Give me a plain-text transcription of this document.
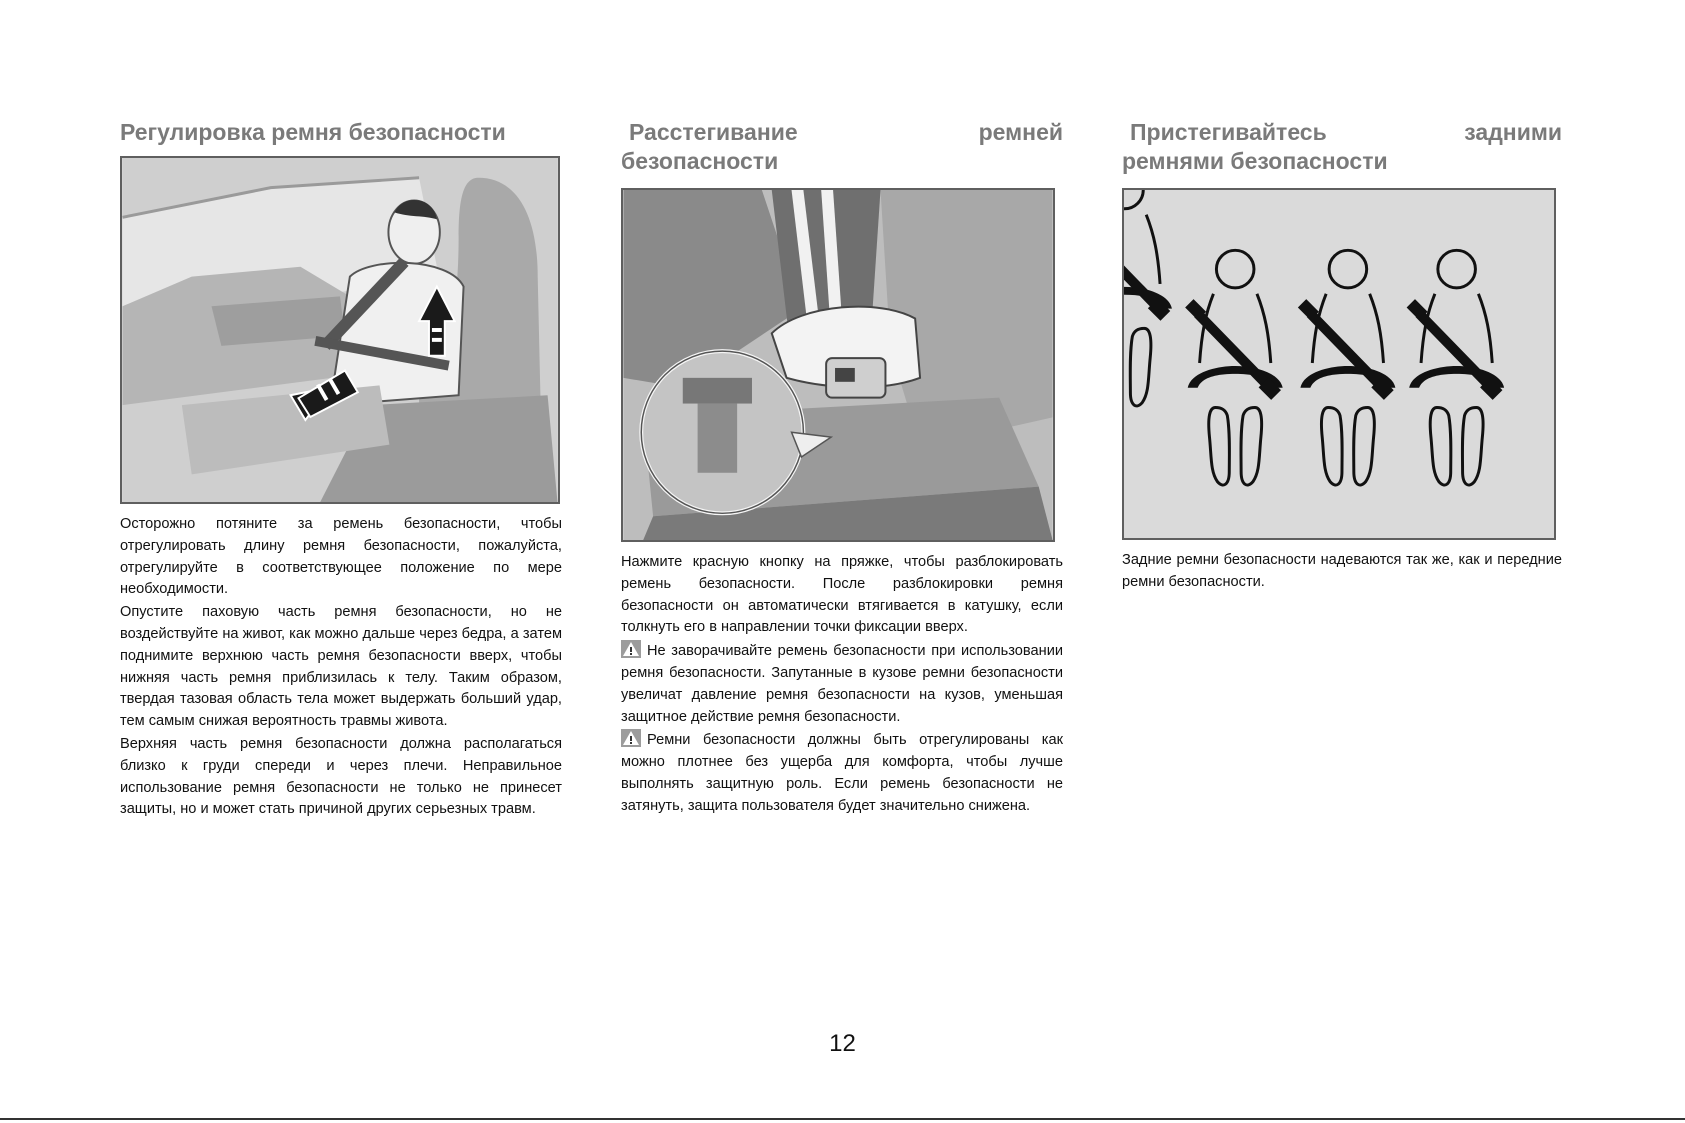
Регулировка ремня безопасности

Осторожно потяните за ремень безопасности, чтобы отрегулировать длину ремня безопасности, пожалуйста, отрегулируйте в соответствующее положение по мере необходимости.

Опустите паховую часть ремня безопасности, но не воздействуйте на живот, как можно дальше через бедра, а затем поднимите верхнюю часть ремня безопасности вверх, чтобы нижняя часть ремня приблизилась к телу. Таким образом, твердая тазовая область тела может выдержать больший удар, тем самым снижая вероятность травмы живота.

Верхняя часть ремня безопасности должна располагаться близко к груди спереди и через плечи. Неправильное использование ремня безопасности не только не принесет защиты, но и может стать причиной других серьезных травм.

Расстегивание	ремней
безопасности

Нажмите красную кнопку на пряжке, чтобы разблокировать ремень безопасности. После разблокировки ремня безопасности он автоматически втягивается в катушку, если толкнуть его в направлении точки фиксации вверх.

Не заворачивайте ремень безопасности при использовании ремня безопасности. Запутанные в кузове ремни безопасности увеличат давление ремня безопасности на кузов, уменьшая защитное действие ремня безопасности.

Ремни безопасности должны быть отрегулированы как можно плотнее без ущерба для комфорта, чтобы лучше выполнять защитную роль. Если ремень безопасности не затянуть, защита пользователя будет значительно снижена.

Пристегивайтесь	задними
ремнями безопасности

Задние ремни безопасности надеваются так же, как и передние ремни безопасности.

12
